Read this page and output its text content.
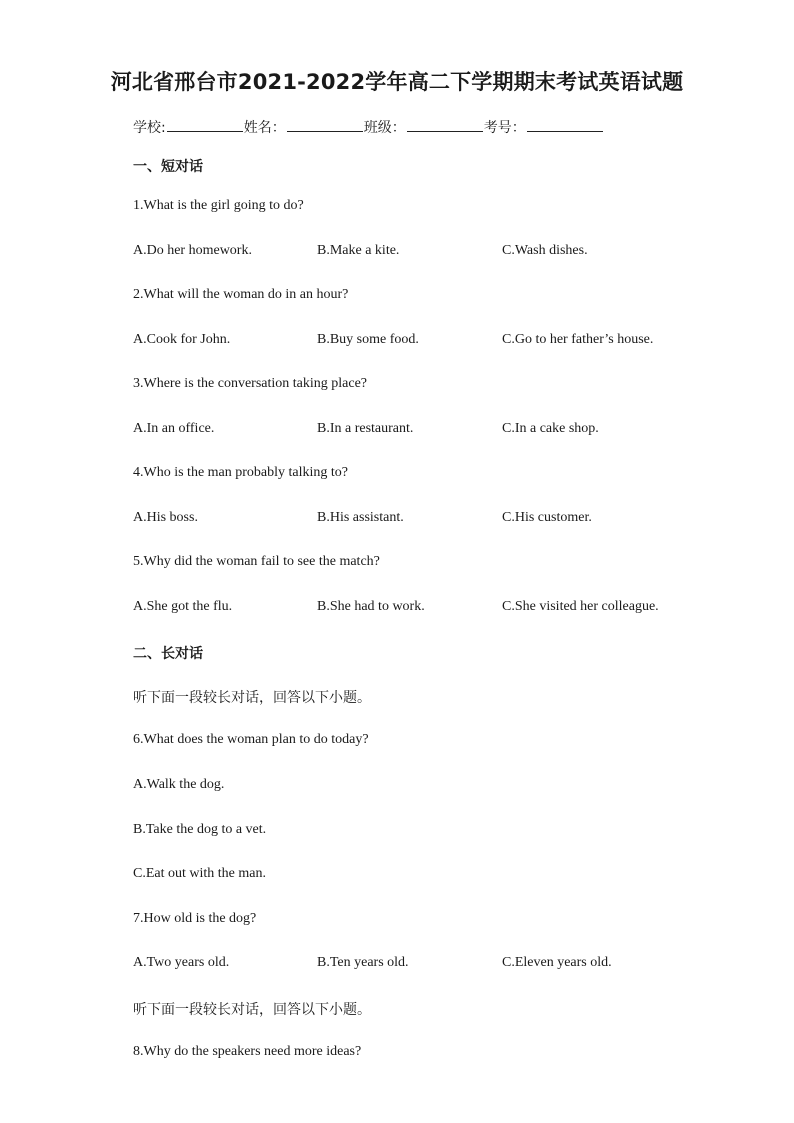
河北省邢台市2021-2022学年高二下学期期末考试英语试题
学校:	姓名：	班级：	考号：
一、短对话
1.What is the girl going to do?
A.Do her homework.	B.Make a kite.	C.Wash dishes.
2.What will the woman do in an hour?
A.Cook for John.	B.Buy some food.	C.Go to her father’s house.
3.Where is the conversation taking place?
A.In an office.	B.In a restaurant.	C.In a cake shop.
4.Who is the man probably talking to?
A.His boss.	B.His assistant.	C.His customer.
5.Why did the woman fail to see the match?
A.She got the flu.	B.She had to work.	C.She visited her colleague.
二、长对话
听下面一段较长对话，回答以下小题。
6.What does the woman plan to do today?
A.Walk the dog.
B.Take the dog to a vet.
C.Eat out with the man.
7.How old is the dog?
A.Two years old.	B.Ten years old.	C.Eleven years old.
听下面一段较长对话，回答以下小题。
8.Why do the speakers need more ideas?
